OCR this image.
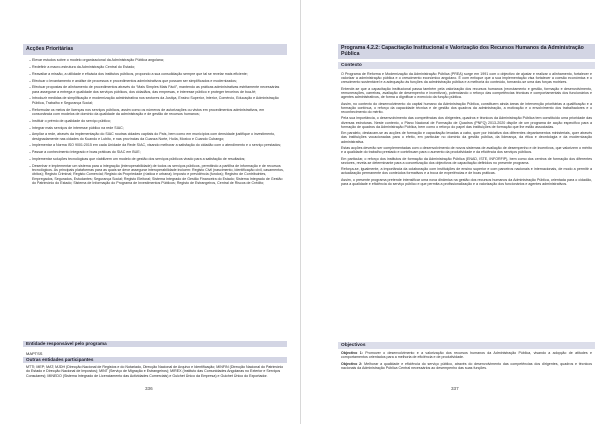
Acções Prioritárias
– Elevar estudos sobre o modelo organizacional da Administração Pública angolana;
– Redefinir a macro-estrutura da Administração Central do Estado;
– Reavaliar a missão, a utilidade e eficácia dos institutos públicos, propondo a sua consolidação sempre que tal se revelar mais eficiente;
– Efectuar o levantamento e análise de processos e procedimentos administrativos que possam ser simplificados e modernizados;
– Efectuar propostas de alinhamento de procedimentos através do “Mais Simples Mais Fácil”, mantendo as práticas administrativas estritamente necessárias para assegurar a entrega e qualidade dos serviços públicos, dos cidadãos, das empresas, e interesse público e proteger terceiros de boa-fé;
– Introduzir medidas de simplificação e modernização administrativa nos sectores da Justiça, Ensino Superior, Interior, Comércio, Educação e Administração Pública, Trabalho e Segurança Social;
– Reformular os meios de licenças nos serviços públicos, assim como os números de autorizações ou vistos em procedimentos administrativos, em consonância com modelos de domínio da qualidade da administração e de gestão de recursos humanos;
– Instituir o prémio de qualidade do serviço público;
– Integrar mais serviços de interesse público na rede SIAC;
– Ampliar a rede, através da implementação do SIAC noutras cidades capitais do País, bem como em municípios com densidade justifique o investimento, designadamente nas cidades do Kuando e Lubito, e nas províncias da Cuanza Norte, Huíla, Moxico e Cuando Cubango;
– Implementar a Norma ISO 9001:2015 em cada Unidade da Rede SIAC, visando melhorar a satisfação do cidadão com o atendimento e o serviço prestados;
– Passar a conhecimento integrado e boas práticas do SIAC em BUE;
– Implementar soluções tecnológicas que viabilizem um modelo de gestão dos serviços públicos virado para a satisfação de resultados;
– Desenhar e implementar um sistema para a integração (interoperabilidade) de todos os serviços públicos, permitindo a partilha de informação e de recursos tecnológicos. As principais plataformas para as quais se deve assegurar interoperabilidade incluem: Registo Civil (nascimento, identificação civil, casamentos, óbitos); Registo Criminal; Registo Comercial; Registo da Propriedade (rústica e urbana); Imposto e previdência (fundos); Registro de Contribuintes, Empregados, Segurados, Estudantes; Segurança Social; Registo Eleitoral; Sistema Integrado de Gestão Financeira do Estado; Sistema Integrado de Gestão do Património do Estado; Sistema de Informação do Programa de Investimentos Públicos; Registo de Estrangeiros, Central de Riscos de Crédito;
Entidade responsável pelo programa
MAPTSS
Outras entidades participantes
MTTI; MEP; MAT; MJDH (Direcção Nacional de Registos e do Notariado, Direcção Nacional de Arquivo e Identificação; MINFIN (Direcção Nacional do Património do Estado e Direcção Nacional de Impostos); MINT (Serviço de Migração e Estrangeiros); MIREX (Instituto das Comunidades Angolanas no Exterior e Serviços Consulares); MINEDO (Sistema Integrado de Licenciamento das Actividades Comerciais) e Guichet Único da Empresa) e Guichet Único do Exportador.
336
Programa 4.2.2: Capacitação Institucional e Valorização dos Recursos Humanos da Administração Pública
Contexto

O Programa de Reforma e Modernização da Administração Pública (PREA) surge em 1991 com o objectivo de ajustar e realizar o alinhamento, fortalecer e valorizar a administração pública e o crescimento económico angolano. É com enfoque que a sua implementação visa fortalecer a coesão económica e o crescimento sustentável e a adequação às funções da administração pública e a melhoria do conteúdo, tornando-se uma das forças motrizes.

Entende-se que a capacitação institucional passa também pela valorização dos recursos humanos (recrutamento e gestão, formação e desenvolvimento, remunerações, carreiras, avaliação de desempenho e incentivos), potenciando o reforço das competências técnicas e comportamentais dos funcionários e agentes administrativos, de forma a dignificar o exercício da função pública.

Assim, no contexto do desenvolvimento do capital humano da Administração Pública, constituem ainda áreas de intervenção prioritárias a qualificação e a formação contínua, o reforço da capacidade técnica e de gestão dos quadros da administração, a motivação e o envolvimento dos trabalhadores e o reconhecimento do mérito.

Pela sua importância, o desenvolvimento das competências dos dirigentes, quadros e técnicos da Administração Pública tem constituído uma prioridade das diversas estruturas. Neste contexto, o Plano Nacional de Formação de Quadros (PNFQ) 2013-2020 dispõe de um programa de acção específico para a formação de quadros da Administração Pública, bem como o reforço do papel das instituições de formação que lhe estão associadas.

Em paralelo, destacam-se as acções de formação e capacitação levadas a cabo, quer por iniciativa dos diferentes departamentos ministeriais, quer através das instituições vocacionadas para o efeito, em particular no domínio da gestão pública, da liderança, da ética e deontologia e da modernização administrativa.

Estas acções deverão ser complementadas com o desenvolvimento de novos sistemas de avaliação de desempenho e de incentivos, que valorizem o mérito e a qualidade do trabalho prestado e contribuam para o aumento da produtividade e da eficiência dos serviços públicos.

Em particular, o reforço dos institutos de formação da Administração Pública (ENAD, ISTE, INFORFIP), bem como dos centros de formação dos diferentes sectores, revela-se determinante para a concretização dos objectivos de capacitação definidos no presente programa.

Reforça-se, igualmente, a importância da colaboração com instituições de ensino superior e com parceiros nacionais e internacionais, de modo a permitir a actualização permanente dos conteúdos formativos e a troca de experiências e de boas práticas.

Assim, o presente programa pretende intensificar uma nova dinâmica na gestão dos recursos humanos da Administração Pública, orientada para o cidadão, para a qualidade e eficiência do serviço público e que permita a profissionalização e a valorização dos funcionários e agentes administrativos.

Objectivos
Objectivo 1: Promover o desenvolvimento e a valorização dos recursos humanos da Administração Pública, visando a adopção de atitudes e comportamentos orientados para a melhoria de eficiência e de produtividade.
Objectivo 2: Melhorar a qualidade e eficiência do serviço público, através do desenvolvimento das competências dos dirigentes, quadros e técnicos nacionais da Administração Pública Central necessários ao desempenho das suas funções.
337
